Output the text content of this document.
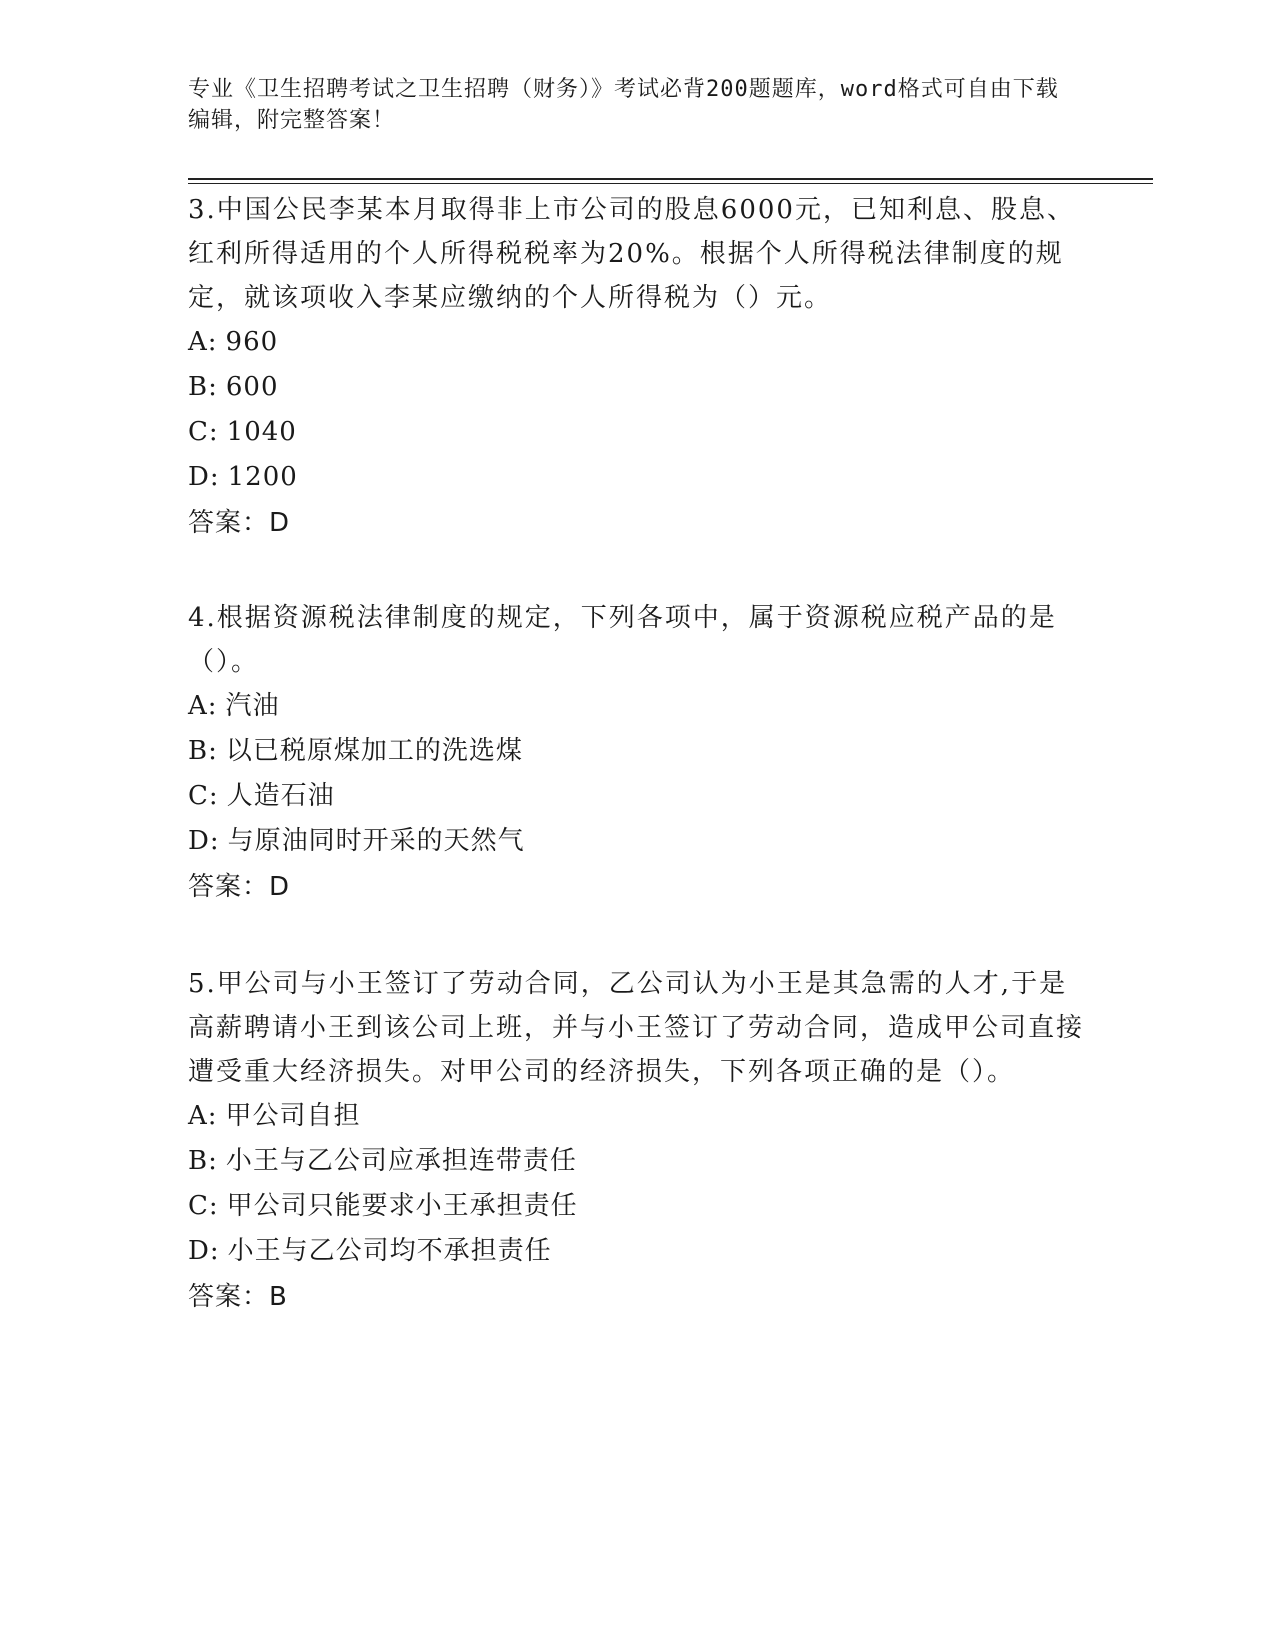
专业《卫生招聘考试之卫生招聘（财务）》考试必背200题题库，word格式可自由下载编辑，附完整答案！
3.中国公民李某本月取得非上市公司的股息6000元，已知利息、股息、红利所得适用的个人所得税税率为20%。根据个人所得税法律制度的规定，就该项收入李某应缴纳的个人所得税为（）元。
A: 960
B: 600
C: 1040
D: 1200
答案：D
4.根据资源税法律制度的规定，下列各项中，属于资源税应税产品的是（）。
A: 汽油
B: 以已税原煤加工的洗选煤
C: 人造石油
D: 与原油同时开采的天然气
答案：D
5.甲公司与小王签订了劳动合同，乙公司认为小王是其急需的人才,于是高薪聘请小王到该公司上班，并与小王签订了劳动合同，造成甲公司直接遭受重大经济损失。对甲公司的经济损失，下列各项正确的是（）。
A: 甲公司自担
B: 小王与乙公司应承担连带责任
C: 甲公司只能要求小王承担责任
D: 小王与乙公司均不承担责任
答案：B
